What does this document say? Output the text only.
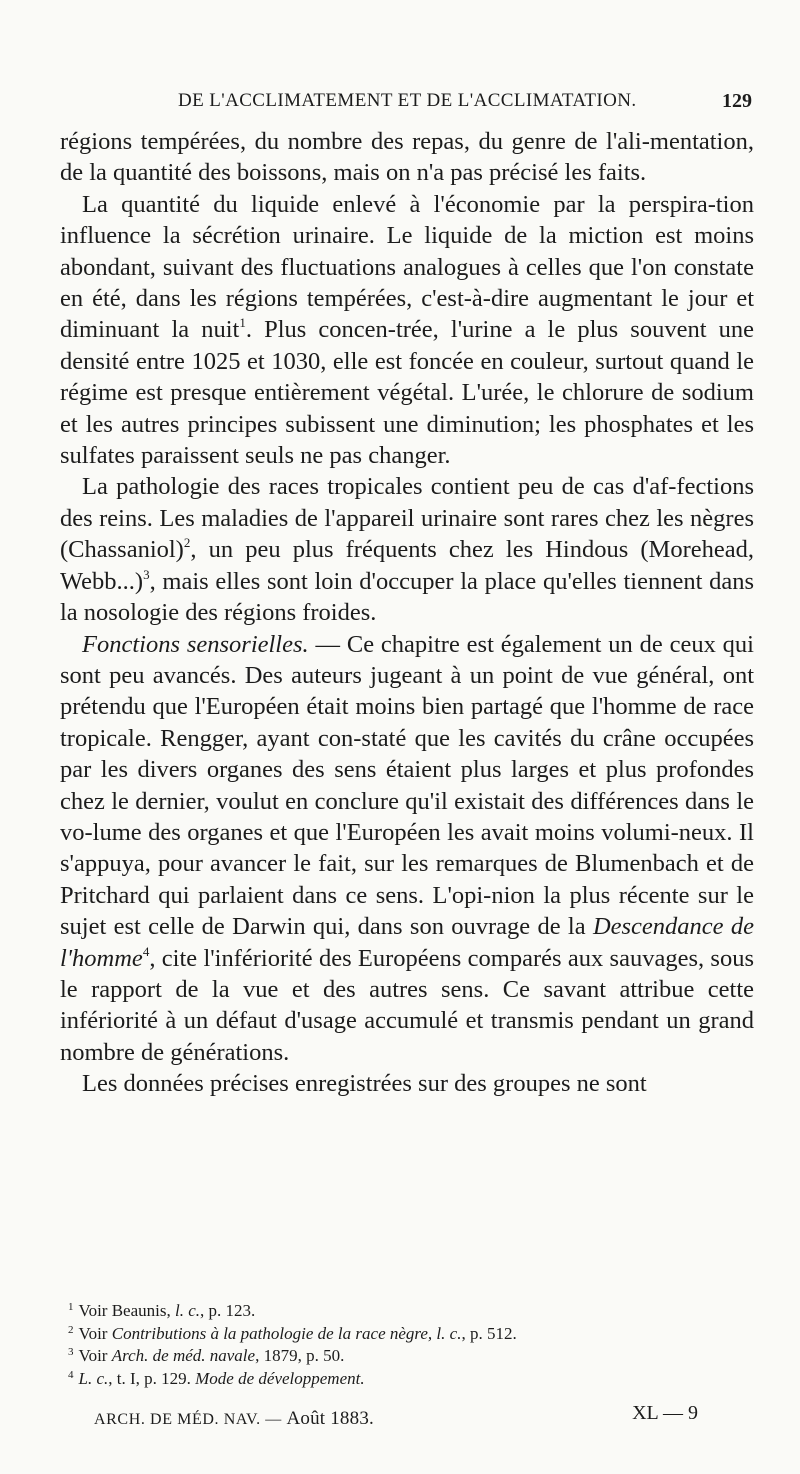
DE L'ACCLIMATEMENT ET DE L'ACCLIMATATION.	129

régions tempérées, du nombre des repas, du genre de l'ali-mentation, de la quantité des boissons, mais on n'a pas précisé les faits.

La quantité du liquide enlevé à l'économie par la perspira-tion influence la sécrétion urinaire. Le liquide de la miction est moins abondant, suivant des fluctuations analogues à celles que l'on constate en été, dans les régions tempérées, c'est-à-dire augmentant le jour et diminuant la nuit$^1$. Plus concen-trée, l'urine a le plus souvent une densité entre 1025 et 1030, elle est foncée en couleur, surtout quand le régime est presque entièrement végétal. L'urée, le chlorure de sodium et les autres principes subissent une diminution; les phosphates et les sulfates paraissent seuls ne pas changer.

La pathologie des races tropicales contient peu de cas d'af-fections des reins. Les maladies de l'appareil urinaire sont rares chez les nègres (Chassaniol)$^2$, un peu plus fréquents chez les Hindous (Morehead, Webb...)$^3$, mais elles sont loin d'occuper la place qu'elles tiennent dans la nosologie des régions froides.

Fonctions sensorielles. — Ce chapitre est également un de ceux qui sont peu avancés. Des auteurs jugeant à un point de vue général, ont prétendu que l'Européen était moins bien partagé que l'homme de race tropicale. Rengger, ayant con-staté que les cavités du crâne occupées par les divers organes des sens étaient plus larges et plus profondes chez le dernier, voulut en conclure qu'il existait des différences dans le vo-lume des organes et que l'Européen les avait moins volumi-neux. Il s'appuya, pour avancer le fait, sur les remarques de Blumenbach et de Pritchard qui parlaient dans ce sens. L'opi-nion la plus récente sur le sujet est celle de Darwin qui, dans son ouvrage de la Descendance de l'homme$^4$, cite l'infériorité des Européens comparés aux sauvages, sous le rapport de la vue et des autres sens. Ce savant attribue cette infériorité à un défaut d'usage accumulé et transmis pendant un grand nombre de générations.

Les données précises enregistrées sur des groupes ne sont

$^1$ Voir Beaunis, l. c., p. 123.
$^2$ Voir Contributions à la pathologie de la race nègre, l. c., p. 512.
$^3$ Voir Arch. de méd. navale, 1879, p. 50.
$^4$ L. c., t. I, p. 129. Mode de développement.
ARCH. DE MÉD. NAV. — Août 1883.	XL — 9
